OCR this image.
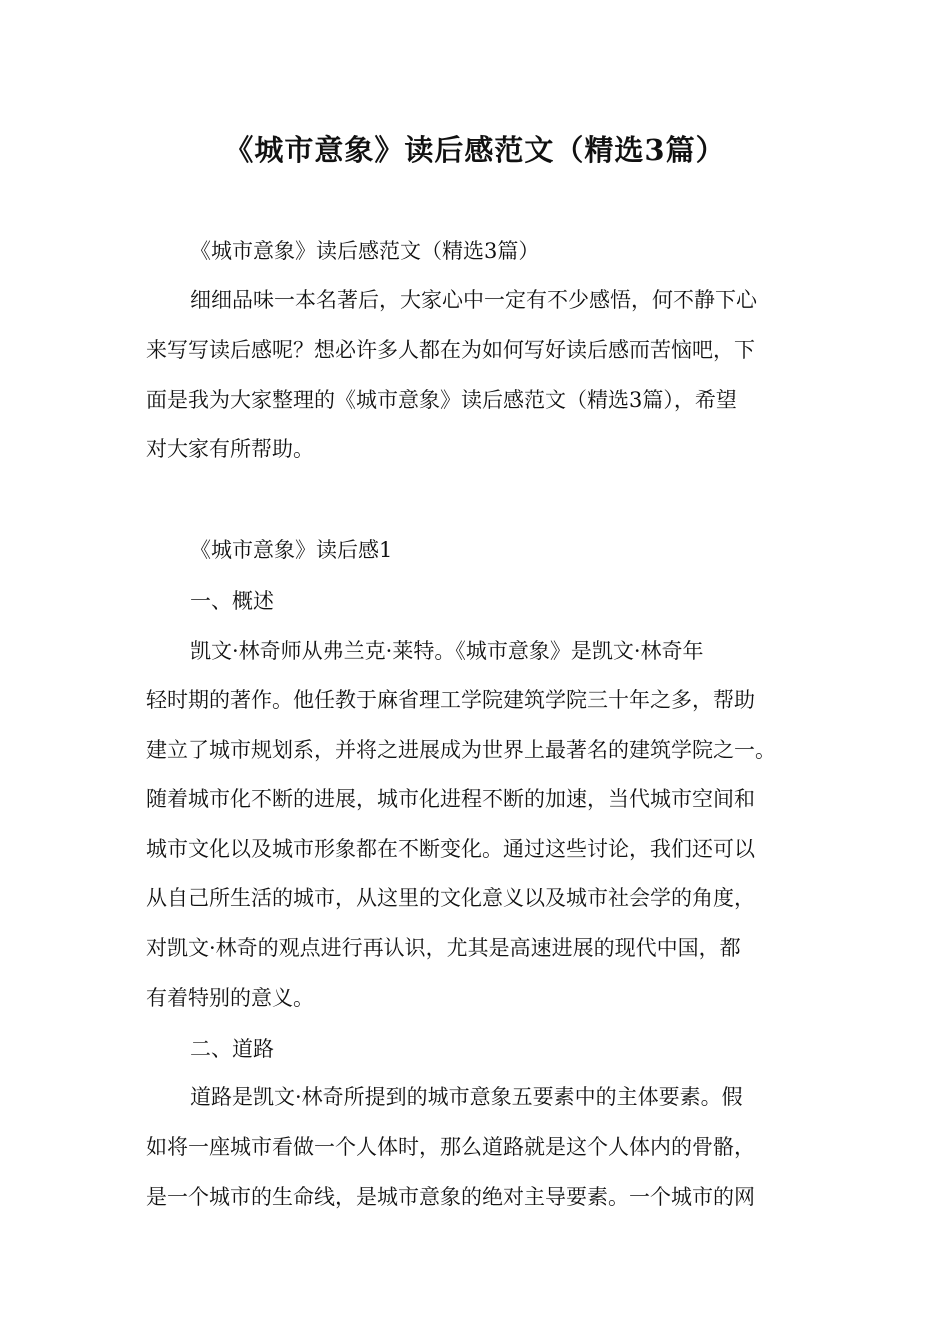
《城市意象》读后感范文（精选3篇）
《城市意象》读后感范文（精选3篇）
细细品味一本名著后，大家心中一定有不少感悟，何不静下心
来写写读后感呢？想必许多人都在为如何写好读后感而苦恼吧，下
面是我为大家整理的《城市意象》读后感范文（精选3篇），希望
对大家有所帮助。
《城市意象》读后感1
一、概述
凯文·林奇师从弗兰克·莱特。《城市意象》是凯文·林奇年
轻时期的著作。他任教于麻省理工学院建筑学院三十年之多，帮助
建立了城市规划系，并将之进展成为世界上最著名的建筑学院之一。
随着城市化不断的进展，城市化进程不断的加速，当代城市空间和
城市文化以及城市形象都在不断变化。通过这些讨论，我们还可以
从自己所生活的城市，从这里的文化意义以及城市社会学的角度，
对凯文·林奇的观点进行再认识，尤其是高速进展的现代中国，都
有着特别的意义。
二、道路
道路是凯文·林奇所提到的城市意象五要素中的主体要素。假
如将一座城市看做一个人体时，那么道路就是这个人体内的骨骼，
是一个城市的生命线，是城市意象的绝对主导要素。一个城市的网
